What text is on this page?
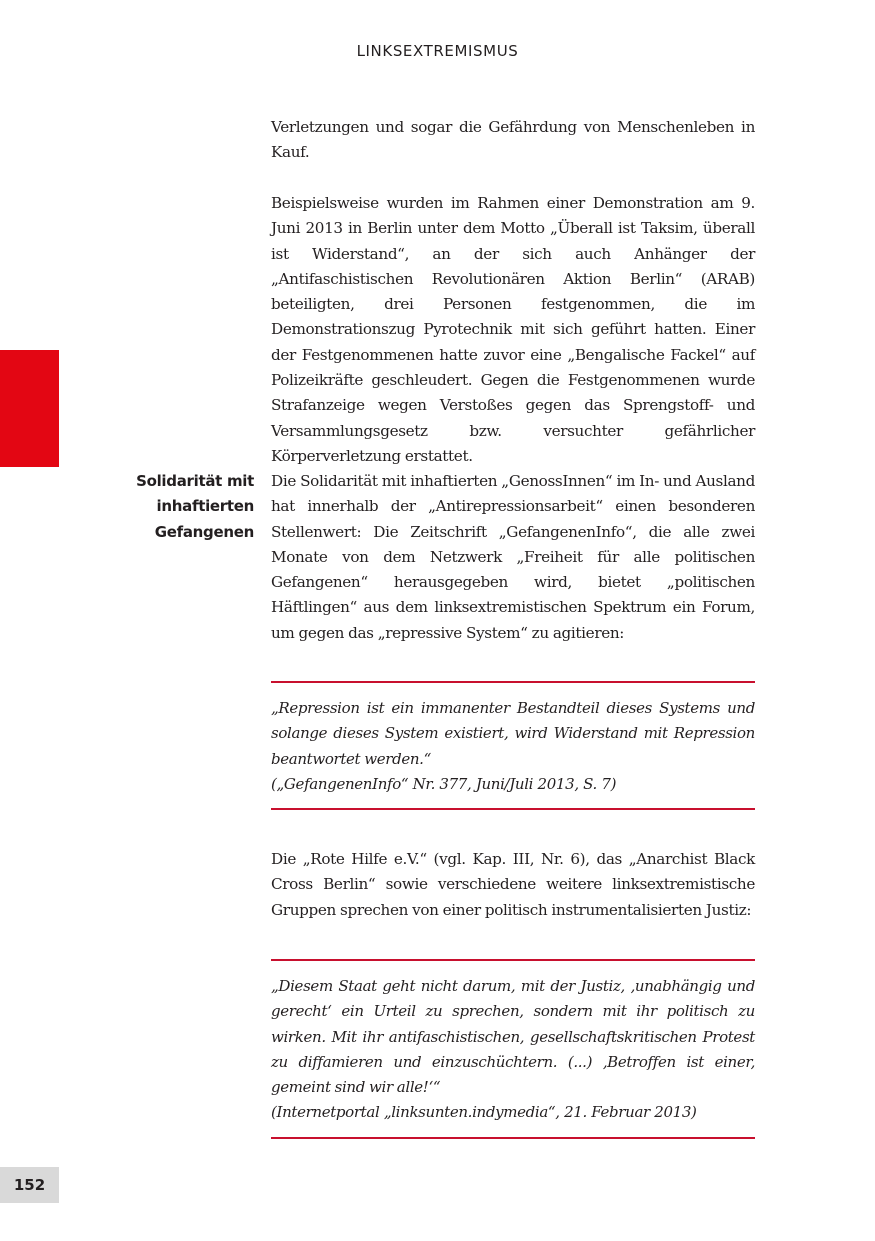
LINKSEXTREMISMUS

Verletzungen und sogar die Gefährdung von Menschenleben in Kauf.

Beispielsweise wurden im Rahmen einer Demonstration am 9. Juni 2013 in Berlin unter dem Motto „Überall ist Taksim, überall ist Widerstand“, an der sich auch Anhänger der „Antifaschistischen Revolutionären Aktion Berlin“ (ARAB) beteiligten, drei Personen festgenommen, die im Demonstrationszug Pyrotechnik mit sich geführt hatten. Einer der Festgenommenen hatte zuvor eine „Bengalische Fackel“ auf Polizeikräfte geschleudert. Gegen die Festgenommenen wurde Strafanzeige wegen Verstoßes gegen das Sprengstoff- und Versammlungsgesetz bzw. versuchter gefährlicher Körperverletzung erstattet.

Solidarität mit
inhaftierten
Gefangenen

Die Solidarität mit inhaftierten „GenossInnen“ im In- und Ausland hat innerhalb der „Antirepressionsarbeit“ einen besonderen Stellenwert: Die Zeitschrift „GefangenenInfo“, die alle zwei Monate von dem Netzwerk „Freiheit für alle politischen Gefangenen“ herausgegeben wird, bietet „politischen Häftlingen“ aus dem linksextremistischen Spektrum ein Forum, um gegen das „repressive System“ zu agitieren:

„Repression ist ein immanenter Bestandteil dieses Systems und solange dieses System existiert, wird Widerstand mit Repression beantwortet werden.“

(„GefangenenInfo“ Nr. 377, Juni/Juli 2013, S. 7)

Die „Rote Hilfe e.V.“ (vgl. Kap. III, Nr. 6), das „Anarchist Black Cross Berlin“ sowie verschiedene weitere linksextremistische Gruppen sprechen von einer politisch instrumentalisierten Justiz:

„Diesem Staat geht nicht darum, mit der Justiz, ‚unabhängig und gerecht‘ ein Urteil zu sprechen, sondern mit ihr politisch zu wirken. Mit ihr antifaschistischen, gesellschaftskritischen Protest zu diffamieren und einzuschüchtern. (...) ‚Betroffen ist einer, gemeint sind wir alle!‘“

(Internetportal „linksunten.indymedia“, 21. Februar 2013)

152
